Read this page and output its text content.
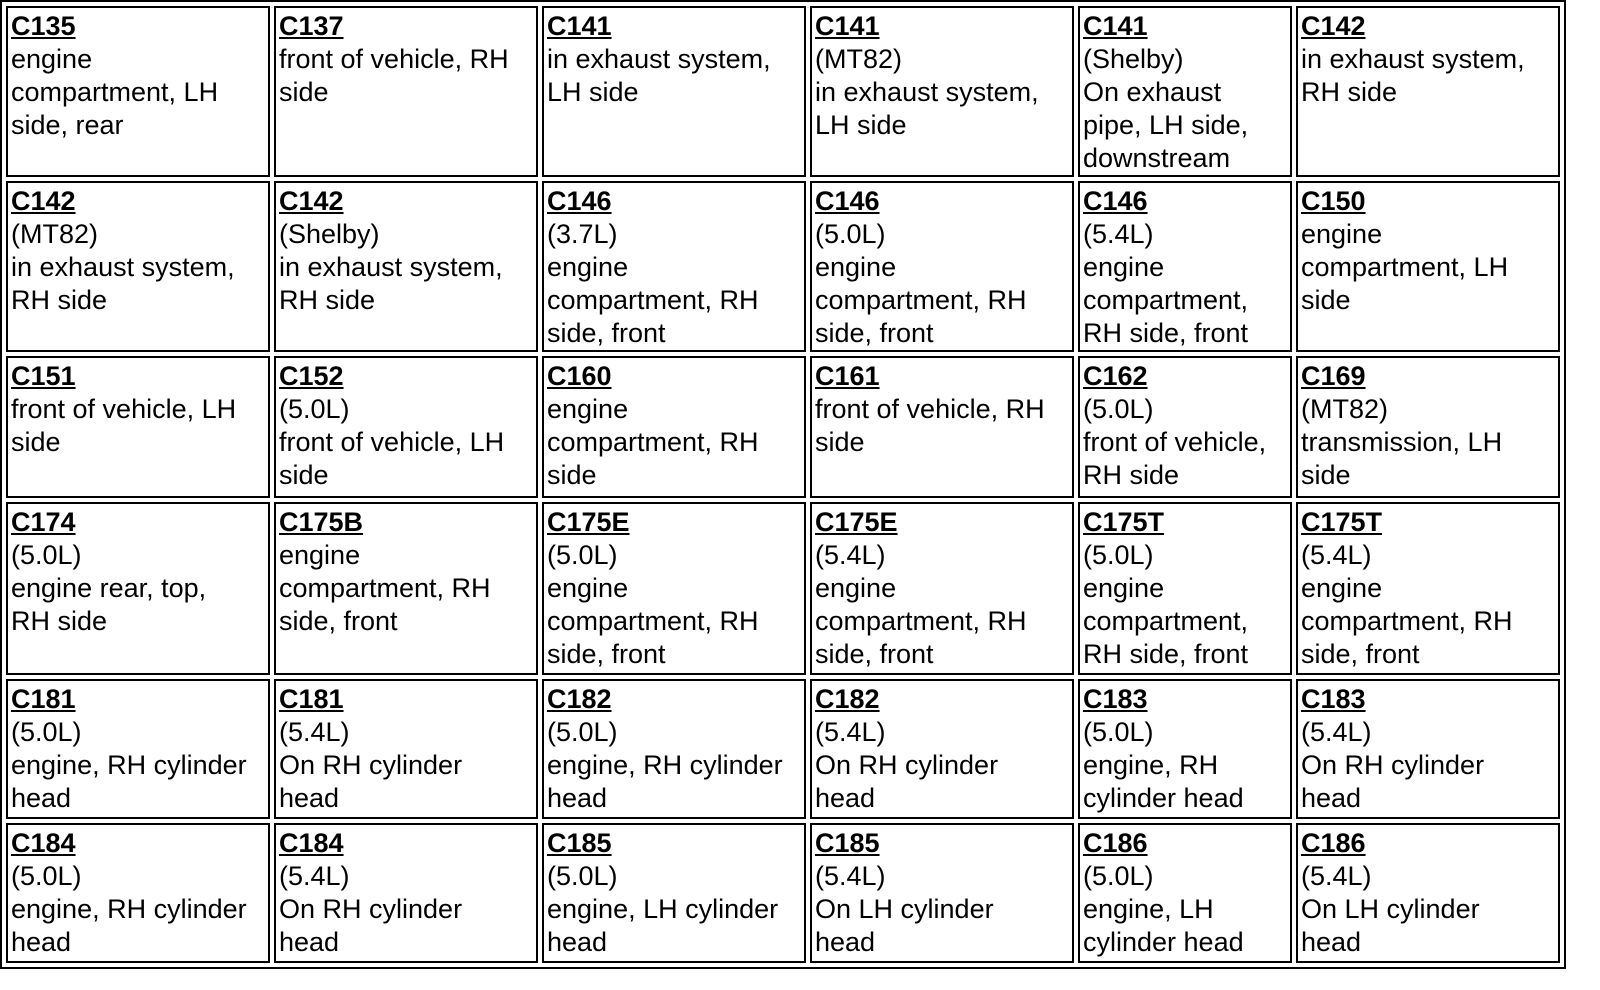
C135
engine
compartment, LH
side, rear	C137
front of vehicle, RH
side	C141
in exhaust system,
LH side	C141
(MT82)
in exhaust system,
LH side	C141
(Shelby)
On exhaust
pipe, LH side,
downstream	C142
in exhaust system,
RH side

C142
(MT82)
in exhaust system,
RH side	C142
(Shelby)
in exhaust system,
RH side	C146
(3.7L)
engine
compartment, RH
side, front	C146
(5.0L)
engine
compartment, RH
side, front	C146
(5.4L)
engine
compartment,
RH side, front	C150
engine
compartment, LH
side

C151
front of vehicle, LH
side	C152
(5.0L)
front of vehicle, LH
side	C160
engine
compartment, RH
side	C161
front of vehicle, RH
side	C162
(5.0L)
front of vehicle,
RH side	C169
(MT82)
transmission, LH
side

C174
(5.0L)
engine rear, top,
RH side	C175B
engine
compartment, RH
side, front	C175E
(5.0L)
engine
compartment, RH
side, front	C175E
(5.4L)
engine
compartment, RH
side, front	C175T
(5.0L)
engine
compartment,
RH side, front	C175T
(5.4L)
engine
compartment, RH
side, front

C181
(5.0L)
engine, RH cylinder
head	C181
(5.4L)
On RH cylinder
head	C182
(5.0L)
engine, RH cylinder
head	C182
(5.4L)
On RH cylinder
head	C183
(5.0L)
engine, RH
cylinder head	C183
(5.4L)
On RH cylinder
head

C184
(5.0L)
engine, RH cylinder
head	C184
(5.4L)
On RH cylinder
head	C185
(5.0L)
engine, LH cylinder
head	C185
(5.4L)
On LH cylinder
head	C186
(5.0L)
engine, LH
cylinder head	C186
(5.4L)
On LH cylinder
head
